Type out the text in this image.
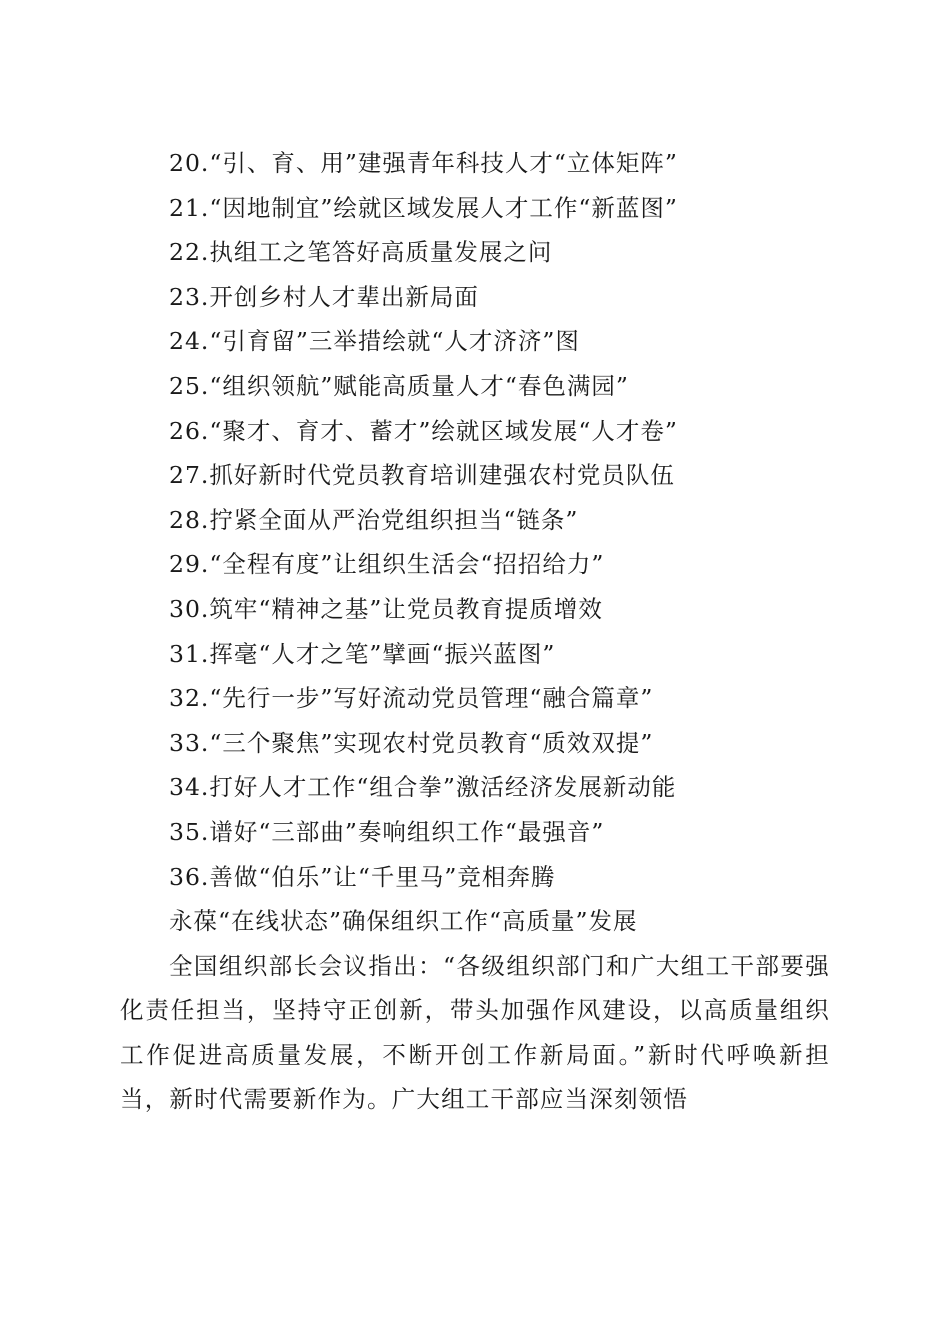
20.“引、育、用”建强青年科技人才“立体矩阵”
21.“因地制宜”绘就区域发展人才工作“新蓝图”
22.执组工之笔答好高质量发展之问
23.开创乡村人才辈出新局面
24.“引育留”三举措绘就“人才济济”图
25.“组织领航”赋能高质量人才“春色满园”
26.“聚才、育才、蓄才”绘就区域发展“人才卷”
27.抓好新时代党员教育培训建强农村党员队伍
28.拧紧全面从严治党组织担当“链条”
29.“全程有度”让组织生活会“招招给力”
30.筑牢“精神之基”让党员教育提质增效
31.挥毫“人才之笔”擘画“振兴蓝图”
32.“先行一步”写好流动党员管理“融合篇章”
33.“三个聚焦”实现农村党员教育“质效双提”
34.打好人才工作“组合拳”激活经济发展新动能
35.谱好“三部曲”奏响组织工作“最强音”
36.善做“伯乐”让“千里马”竞相奔腾
永葆“在线状态”确保组织工作“高质量”发展

全国组织部长会议指出：“各级组织部门和广大组工干部要强化责任担当，坚持守正创新，带头加强作风建设，以高质量组织工作促进高质量发展，不断开创工作新局面。”新时代呼唤新担当，新时代需要新作为。广大组工干部应当深刻领悟
